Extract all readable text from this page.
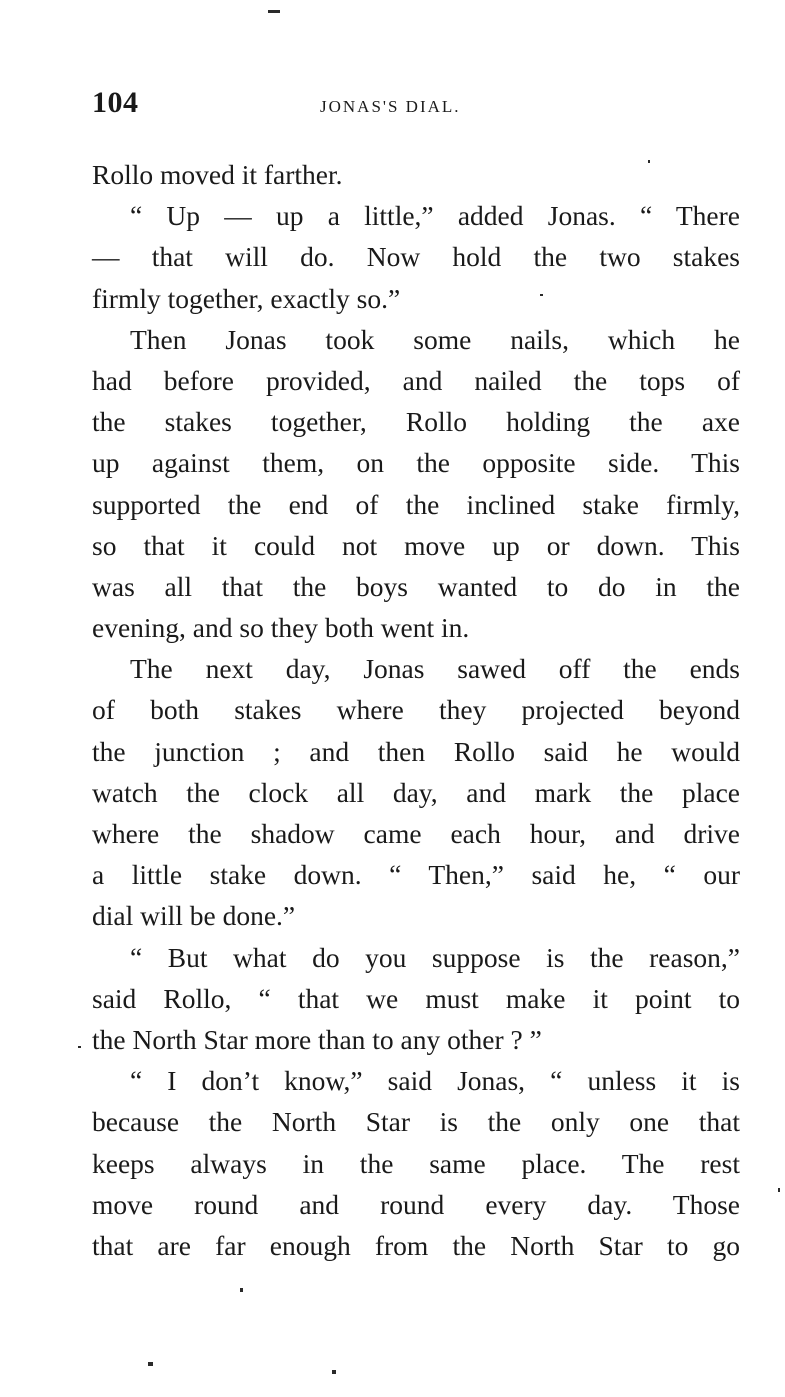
104	JONAS'S DIAL.
Rollo moved it farther.
“ Up — up a little,” added Jonas. “ There
— that will do. Now hold the two stakes
firmly together, exactly so.”
Then Jonas took some nails, which he
had before provided, and nailed the tops of
the stakes together, Rollo holding the axe
up against them, on the opposite side. This
supported the end of the inclined stake firmly,
so that it could not move up or down. This
was all that the boys wanted to do in the
evening, and so they both went in.
The next day, Jonas sawed off the ends
of both stakes where they projected beyond
the junction ; and then Rollo said he would
watch the clock all day, and mark the place
where the shadow came each hour, and drive
a little stake down. “ Then,” said he, “ our
dial will be done.”
“ But what do you suppose is the reason,”
said Rollo, “ that we must make it point to
the North Star more than to any other ? ”
“ I don’t know,” said Jonas, “ unless it is
because the North Star is the only one that
keeps always in the same place. The rest
move round and round every day. Those
that are far enough from the North Star to go
